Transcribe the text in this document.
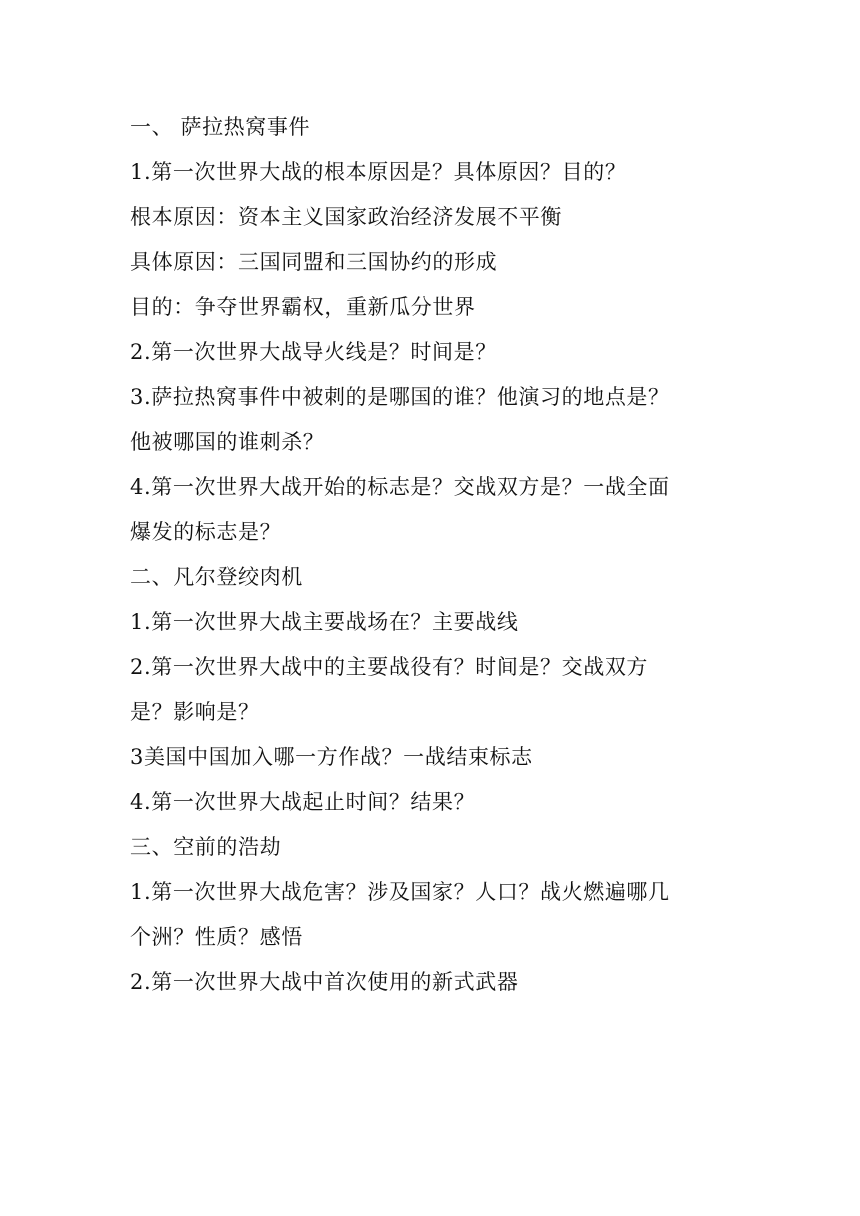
一、 萨拉热窝事件
1.第一次世界大战的根本原因是？具体原因？目的？
根本原因：资本主义国家政治经济发展不平衡
具体原因：三国同盟和三国协约的形成
目的：争夺世界霸权，重新瓜分世界
2.第一次世界大战导火线是？时间是？
3.萨拉热窝事件中被刺的是哪国的谁？他演习的地点是？
他被哪国的谁刺杀？
4.第一次世界大战开始的标志是？交战双方是？一战全面
爆发的标志是？
二、凡尔登绞肉机
1.第一次世界大战主要战场在？主要战线
2.第一次世界大战中的主要战役有？时间是？交战双方
是？影响是？
3美国中国加入哪一方作战？一战结束标志
4.第一次世界大战起止时间？结果？
三、空前的浩劫
1.第一次世界大战危害？涉及国家？人口？战火燃遍哪几
个洲？性质？感悟
2.第一次世界大战中首次使用的新式武器
